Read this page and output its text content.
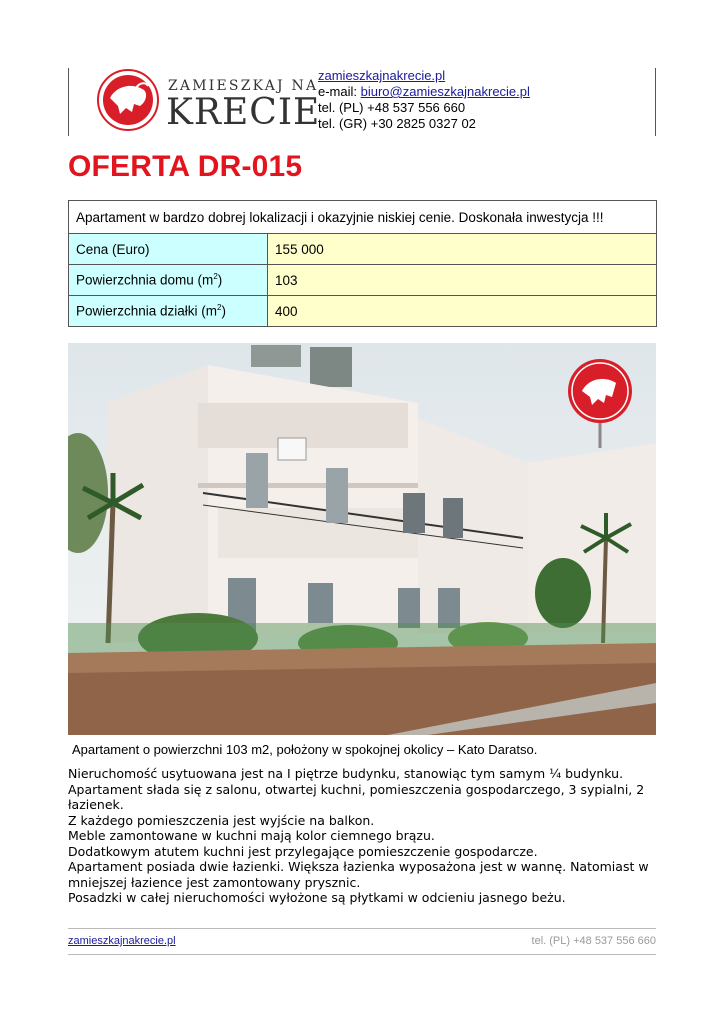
ZAMIESZKAJ NA
KRECIE
zamieszkajnakrecie.pl
e-mail: biuro@zamieszkajnakrecie.pl
tel. (PL) +48 537 556 660
tel. (GR) +30 2825 0327 02
OFERTA DR-015
Apartament w bardzo dobrej lokalizacji i okazyjnie niskiej cenie. Doskonała inwestycja !!!	
Cena (Euro)	155 000
Powierzchnia domu $(m^2)$	103
Powierzchnia działki $(m^2)$	400
Apartament o powierzchni 103 m2, położony w spokojnej okolicy – Kato Daratso.

Nieruchomość usytuowana jest na I piętrze budynku, stanowiąc tym samym ¼ budynku.

Apartament słada się z salonu, otwartej kuchni, pomieszczenia gospodarczego, 3 sypialni, 2 łazienek.

Z każdego pomieszczenia jest wyjście na balkon.

Meble zamontowane w kuchni mają kolor ciemnego brązu.

Dodatkowym atutem kuchni jest przylegające pomieszczenie gospodarcze.

Apartament posiada dwie łazienki. Większa łazienka wyposażona jest w wannę. Natomiast w mniejszej łazience jest zamontowany prysznic.

Posadzki w całej nieruchomości wyłożone są płytkami w odcieniu jasnego beżu.

zamieszkajnakrecie.pl	tel. (PL) +48 537 556 660
